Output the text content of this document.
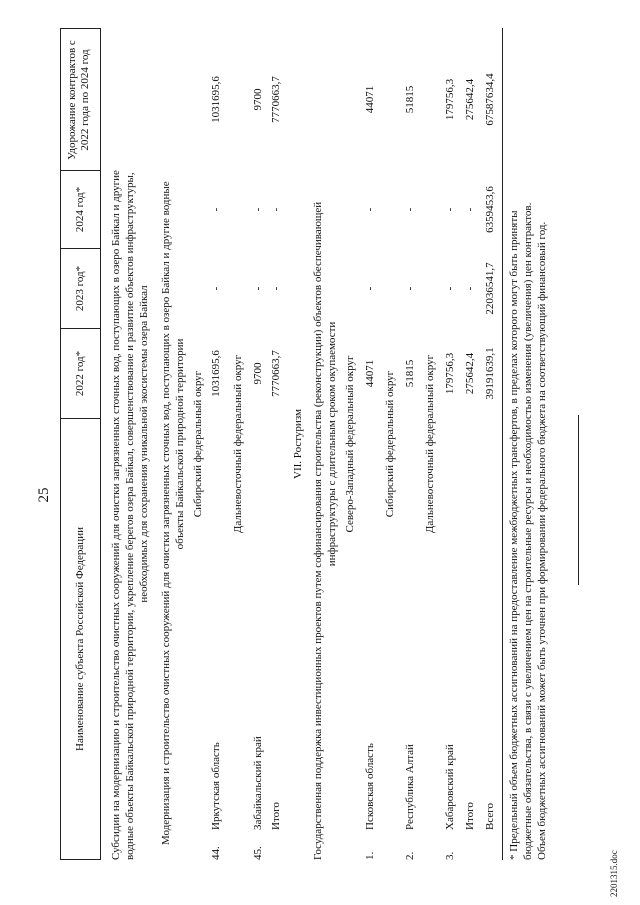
25
Наименование субъекта Российской Федерации
2022 год*
2023 год*
2024 год*
Удорожание контрактов с 2022 года по 2024 год
Субсидии на модернизацию и строительство очистных сооружений для очистки загрязненных сточных вод, поступающих в озеро Байкал и другие водные объекты Байкальской природной территории, укрепление берегов озера Байкал, совершенствование и развитие объектов инфраструктуры, необходимых для сохранения уникальной экосистемы озера Байкал Модернизация и строительство очистных сооружений для очистки загрязненных сточных вод, поступающих в озеро Байкал и другие водные объекты Байкальской природной территории Сибирский федеральный округ
44.
Иркутская область
1031695,6
-
-
1031695,6
Дальневосточный федеральный округ
45.
Забайкальский край
9700
-
-
9700
Итого
7770663,7
-
-
7770663,7
VII. Ростуризм Государственная поддержка инвестиционных проектов путем софинансирования строительства (реконструкции) объектов обеспечивающей инфраструктуры с длительным сроком окупаемости Северо-Западный федеральный округ
1.
Псковская область
44071
-
-
44071
Сибирский федеральный округ
2.
Республика Алтай
51815
-
-
51815
Дальневосточный федеральный округ
3.
Хабаровский край
179756,3
-
-
179756,3
Итого
275642,4
-
-
275642,4
Всего
39191639,1
22036541,7
6359453,6
67587634,4
* Предельный объем бюджетных ассигнований на предоставление межбюджетных трансфертов, в пределах которого могут быть приняты бюджетные обязательства, в связи с увеличением цен на строительные ресурсы и необходимостью изменения (увеличения) цен контрактов. Объем бюджетных ассигнований может быть уточнен при формировании федерального бюджета на соответствующий финансовый год.
2201315.doc
